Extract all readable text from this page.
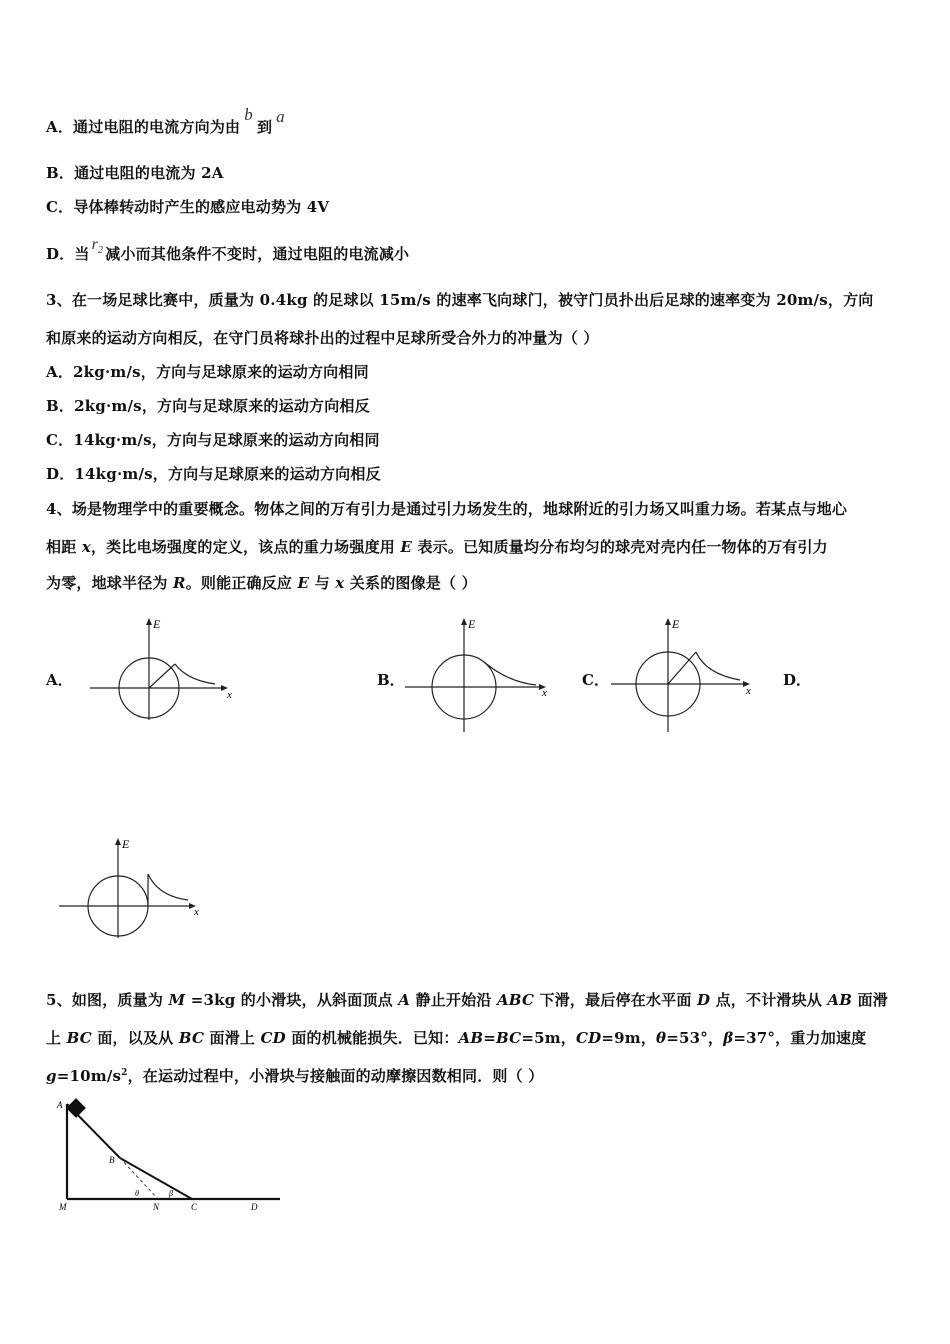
A．通过电阻的电流方向为由b到a
B．通过电阻的电流为 2A
C．导体棒转动时产生的感应电动势为 4V
D．当$r_2$ 减小而其他条件不变时，通过电阻的电流减小
3、在一场足球比赛中，质量为 0.4kg 的足球以 15m/s 的速率飞向球门，被守门员扑出后足球的速率变为 20m/s，方向
和原来的运动方向相反，在守门员将球扑出的过程中足球所受合外力的冲量为（ ）
A．2kg·m/s，方向与足球原来的运动方向相同
B．2kg·m/s，方向与足球原来的运动方向相反
C．14kg·m/s，方向与足球原来的运动方向相同
D．14kg·m/s，方向与足球原来的运动方向相反
4、场是物理学中的重要概念。物体之间的万有引力是通过引力场发生的，地球附近的引力场又叫重力场。若某点与地心
相距 x，类比电场强度的定义，该点的重力场强度用 E 表示。已知质量均分布均匀的球壳对壳内任一物体的万有引力
为零，地球半径为 R。则能正确反应 E 与 x 关系的图像是（ ）
A．	B．	C．	D．
E
x
E
x
E
x
E
x
5、如图，质量为 M =3kg 的小滑块，从斜面顶点 A 静止开始沿 ABC 下滑，最后停在水平面 D 点，不计滑块从 AB 面滑
上 BC 面，以及从 BC 面滑上 CD 面的机械能损失．已知：AB=BC=5m，CD=9m，θ=53°，β=37°，重力加速度
$g=10m/s^2$，在运动过程中，小滑块与接触面的动摩擦因数相同．则（ ）
A
B
M	N	C	D
θ	β
